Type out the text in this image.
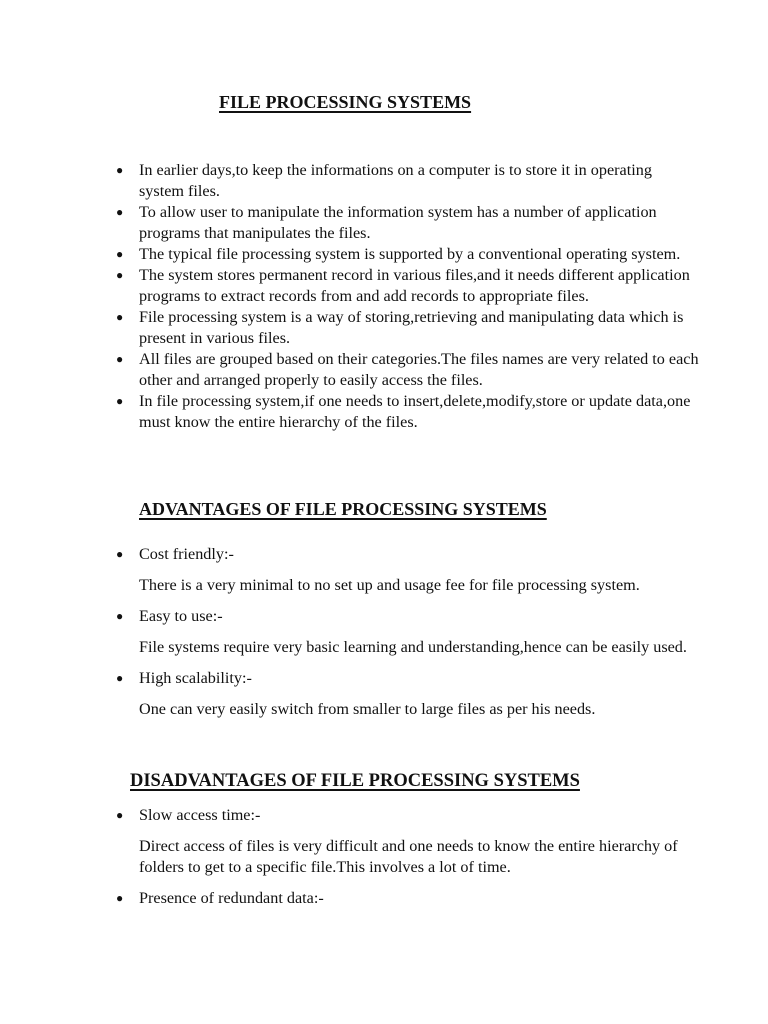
FILE PROCESSING SYSTEMS
● In earlier days,to keep the informations on a computer is to store it in operating system files.
● To allow user to manipulate the information system has a number of application programs that manipulates the files.
● The typical file processing system is supported by a conventional operating system.
● The system stores permanent record in various files,and it needs different application programs to extract records from and add records to appropriate files.
● File processing system is a way of storing,retrieving and manipulating data which is present in various files.
● All files are grouped based on their categories.The files names are very related to each other and arranged properly to easily access the files.
● In file processing system,if one needs to insert,delete,modify,store or update data,one must know the entire hierarchy of the files.
ADVANTAGES OF FILE PROCESSING SYSTEMS
● Cost friendly:-
There is a very minimal to no set up and usage fee for file processing system.
● Easy to use:-
File systems require very basic learning and understanding,hence can be easily used.
● High scalability:-
One can very easily switch from smaller to large files as per his needs.
DISADVANTAGES OF FILE PROCESSING SYSTEMS
● Slow access time:-
Direct access of files is very difficult and one needs to know the entire hierarchy of folders to get to a specific file.This involves a lot of time.
● Presence of redundant data:-
